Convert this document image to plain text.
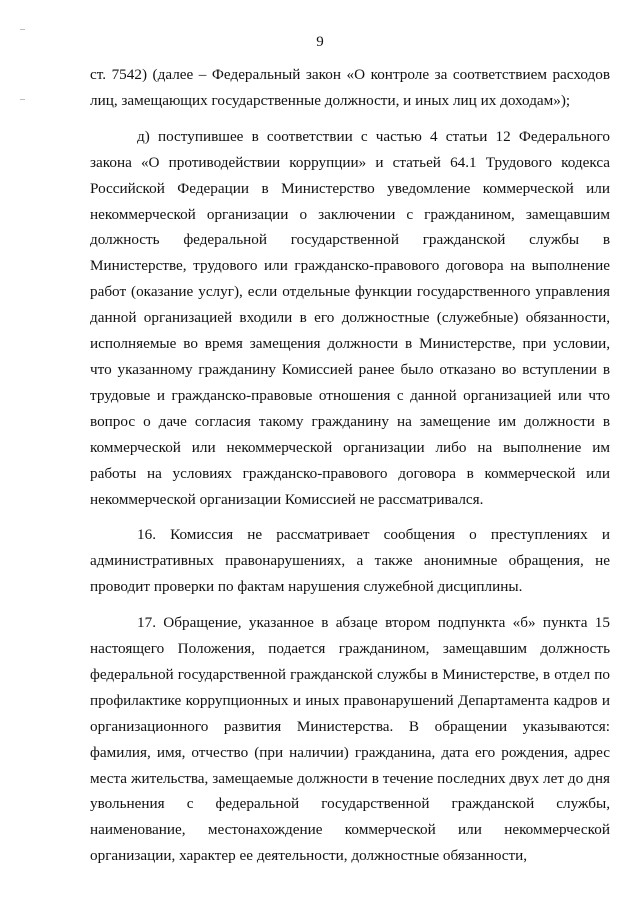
9

ст. 7542) (далее – Федеральный закон «О контроле за соответствием расходов лиц, замещающих государственные должности, и иных лиц их доходам»);

д) поступившее в соответствии с частью 4 статьи 12 Федерального закона «О противодействии коррупции» и статьей 64.1 Трудового кодекса Российской Федерации в Министерство уведомление коммерческой или некоммерческой организации о заключении с гражданином, замещавшим должность федеральной государственной гражданской службы в Министерстве, трудового или гражданско-правового договора на выполнение работ (оказание услуг), если отдельные функции государственного управления данной организацией входили в его должностные (служебные) обязанности, исполняемые во время замещения должности в Министерстве, при условии, что указанному гражданину Комиссией ранее было отказано во вступлении в трудовые и гражданско-правовые отношения с данной организацией или что вопрос о даче согласия такому гражданину на замещение им должности в коммерческой или некоммерческой организации либо на выполнение им работы на условиях гражданско-правового договора в коммерческой или некоммерческой организации Комиссией не рассматривался.

16. Комиссия не рассматривает сообщения о преступлениях и административных правонарушениях, а также анонимные обращения, не проводит проверки по фактам нарушения служебной дисциплины.

17. Обращение, указанное в абзаце втором подпункта «б» пункта 15 настоящего Положения, подается гражданином, замещавшим должность федеральной государственной гражданской службы в Министерстве, в отдел по профилактике коррупционных и иных правонарушений Департамента кадров и организационного развития Министерства. В обращении указываются: фамилия, имя, отчество (при наличии) гражданина, дата его рождения, адрес места жительства, замещаемые должности в течение последних двух лет до дня увольнения с федеральной государственной гражданской службы, наименование, местонахождение коммерческой или некоммерческой организации, характер ее деятельности, должностные обязанности,
